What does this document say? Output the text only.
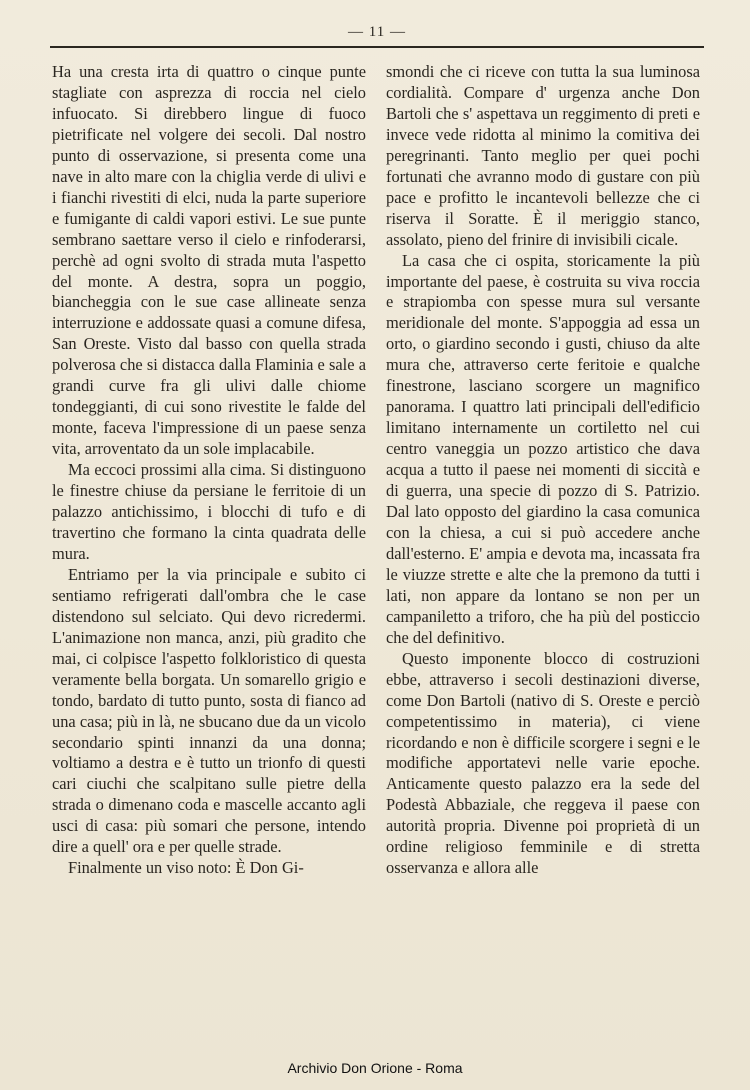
— 11 —

Ha una cresta irta di quattro o cinque punte stagliate con asprezza di roccia nel cielo infuocato. Si direbbero lingue di fuoco pietrificate nel volgere dei secoli. Dal nostro punto di osservazione, si presenta come una nave in alto mare con la chiglia verde di ulivi e i fianchi rivestiti di elci, nuda la parte superiore e fumigante di caldi vapori estivi. Le sue punte sembrano saettare verso il cielo e rinfoderarsi, perchè ad ogni svolto di strada muta l'aspetto del monte. A destra, sopra un poggio, biancheggia con le sue case allineate senza interruzione e addossate quasi a comune difesa, San Oreste. Visto dal basso con quella strada polverosa che si distacca dalla Flaminia e sale a grandi curve fra gli ulivi dalle chiome tondeggianti, di cui sono rivestite le falde del monte, faceva l'impressione di un paese senza vita, arroventato da un sole implacabile.

Ma eccoci prossimi alla cima. Si distinguono le finestre chiuse da persiane le ferritoie di un palazzo antichissimo, i blocchi di tufo e di travertino che formano la cinta quadrata delle mura.

Entriamo per la via principale e subito ci sentiamo refrigerati dall'ombra che le case distendono sul selciato. Qui devo ricredermi. L'animazione non manca, anzi, più gradito che mai, ci colpisce l'aspetto folkloristico di questa veramente bella borgata. Un somarello grigio e tondo, bardato di tutto punto, sosta di fianco ad una casa; più in là, ne sbucano due da un vicolo secondario spinti innanzi da una donna; voltiamo a destra e è tutto un trionfo di questi cari ciuchi che scalpitano sulle pietre della strada o dimenano coda e mascelle accanto agli usci di casa: più somari che persone, intendo dire a quell' ora e per quelle strade.

Finalmente un viso noto: È Don Gi-

smondi che ci riceve con tutta la sua luminosa cordialità. Compare d' urgenza anche Don Bartoli che s' aspettava un reggimento di preti e invece vede ridotta al minimo la comitiva dei peregrinanti. Tanto meglio per quei pochi fortunati che avranno modo di gustare con più pace e profitto le incantevoli bellezze che ci riserva il Soratte. È il meriggio stanco, assolato, pieno del frinire di invisibili cicale.

La casa che ci ospita, storicamente la più importante del paese, è costruita su viva roccia e strapiomba con spesse mura sul versante meridionale del monte. S'appoggia ad essa un orto, o giardino secondo i gusti, chiuso da alte mura che, attraverso certe feritoie e qualche finestrone, lasciano scorgere un magnifico panorama. I quattro lati principali dell'edificio limitano internamente un cortiletto nel cui centro vaneggia un pozzo artistico che dava acqua a tutto il paese nei momenti di siccità e di guerra, una specie di pozzo di S. Patrizio. Dal lato opposto del giardino la casa comunica con la chiesa, a cui si può accedere anche dall'esterno. E' ampia e devota ma, incassata fra le viuzze strette e alte che la premono da tutti i lati, non appare da lontano se non per un campaniletto a triforo, che ha più del posticcio che del definitivo.

Questo imponente blocco di costruzioni ebbe, attraverso i secoli destinazioni diverse, come Don Bartoli (nativo di S. Oreste e perciò competentissimo in materia), ci viene ricordando e non è difficile scorgere i segni e le modifiche apportatevi nelle varie epoche. Anticamente questo palazzo era la sede del Podestà Abbaziale, che reggeva il paese con autorità propria. Divenne poi proprietà di un ordine religioso femminile e di stretta osservanza e allora alle

Archivio Don Orione - Roma
